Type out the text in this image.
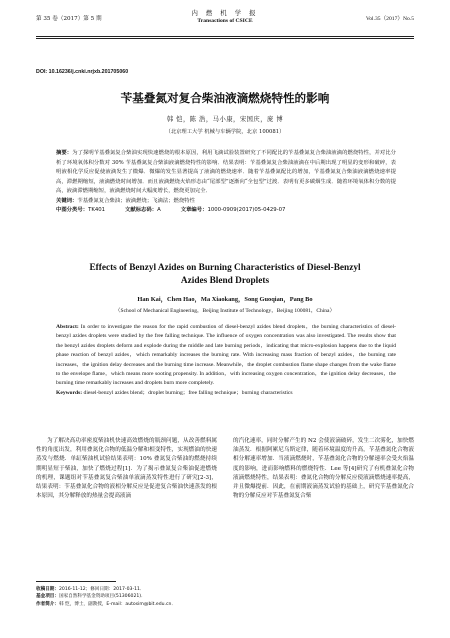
第 35 卷（2017）第 5 期
内 燃 机 学 报
Transactions of CSICE	Vol.35（2017）No.5
DOI: 10.16236/j.cnki.nrjxb.201705060
苄基叠氮对复合柴油液滴燃烧特性的影响
韩 恺，陈 浩，马小康，宋国庆，庞 博
（北京理工大学 机械与车辆学院，北京 100081）
摘要：为了探明苄基叠氮复合柴油实现快速燃烧的根本原因，利用飞滴试验装置研究了不同配比的苄基叠氮复合柴油液滴的燃烧特性，并对比分析了环境氧体积分数对 30% 苄基叠氮复合柴油液滴燃烧特性的影响．结果表明：苄基叠氮复合柴油液滴在中后期出现了明显的变形和破碎，表明液相化学反应促使液滴发生了微爆．微爆的发生显著提高了液滴的燃烧速率．随着苄基叠氮配比的增加，苄基叠氮复合柴油液滴燃烧速率提高，滞燃期缩短，液滴燃烧时间增加．而且液滴燃烧火焰形态由“尾部型”逐渐向“全包型”过渡．表明有更多碳烟生成．随着环境氧体积分数的提高，液滴滞燃期缩短，液滴燃烧时间大幅度增长，燃烧更加完全．
关键词：苄基叠氮复合柴油；液滴燃烧；飞滴法；燃烧特性
中图分类号：TK401	文献标志码：A	文章编号：1000-0909(2017)05-0429-07
Effects of Benzyl Azides on Burning Characteristics of Diesel-Benzyl
Azides Blend Droplets
Han Kai，Chen Hao，Ma Xiaokang，Song Guoqian，Pang Bo
（School of Mechanical Engineering，Beijing Institute of Technology，Beijing 100081，China）
Abstract: In order to investigate the reason for the rapid combustion of diesel-benzyl azides blend droplets，the burning characteristics of diesel-benzyl azides droplets were studied by the free falling technique. The influence of oxygen concentration was also investigated. The results show that the benzyl azides droplets deform and explode during the middle and late burning periods，indicating that micro-explosion happens due to the liquid phase reaction of benzyl azides，which remarkably increases the burning rate. With increasing mass fraction of benzyl azides，the burning rate increases，the ignition delay decreases and the burning time increase. Meanwhile，the droplet combustion flame shape changes from the wake flame to the envelope flame，which means more sooting propensity. In addition，with increasing oxygen concentration，the ignition delay decreases，the burning time remarkably increases and droplets burn more completely.
Keywords: diesel-benzyl azides blend；droplet burning；free falling technique；burning characteristics

为了解决高功率密度柴油机快速高效燃烧的瓶颈问题，从改善燃料属性的角度出发，利用叠氮化合物的低温分解和相变特性，实现燃油的快速蒸发与燃烧．单缸柴油机试验结果表明：10% 叠氮复合柴油的燃烧持续期明显短于柴油，加快了燃烧过程[1]．为了揭示叠氮复合柴油促进燃烧的机理，课题组对苄基叠氮复合柴油单液滴蒸发特性进行了研究[2-3]，结果表明：苄基叠氮化合物的液相分解反应是促进复合柴油快速蒸发的根本原因，其分解释放的热量会提高液滴

的汽化速率，同时分解产生的 N2 会使液滴破碎，发生二次雾化，加快燃油蒸发．根据阿累尼乌斯定律，随着环境温度的升高，苄基叠氮化合物液相分解速率增加．当液滴燃烧时，苄基叠氮化合物的分解速率会受火焰温度的影响，进而影响燃料的燃烧特性．Lee 等[4]研究了有机叠氮化合物液滴燃烧特性，结果表明：叠氮化合物的分解反应使液滴燃烧速率提高，并且微爆提前．因此，在前期液滴蒸发试验的基础上，研究苄基叠氮化合物的分解反应对苄基叠氮复合柴

收稿日期：2016-11-12；修回日期：2017-03-11．
基金项目：国家自然科学基金资助项目(51306021)．
作者简介：韩 恺，博士，副教授，E-mail：autosim@bit.edu.cn．
